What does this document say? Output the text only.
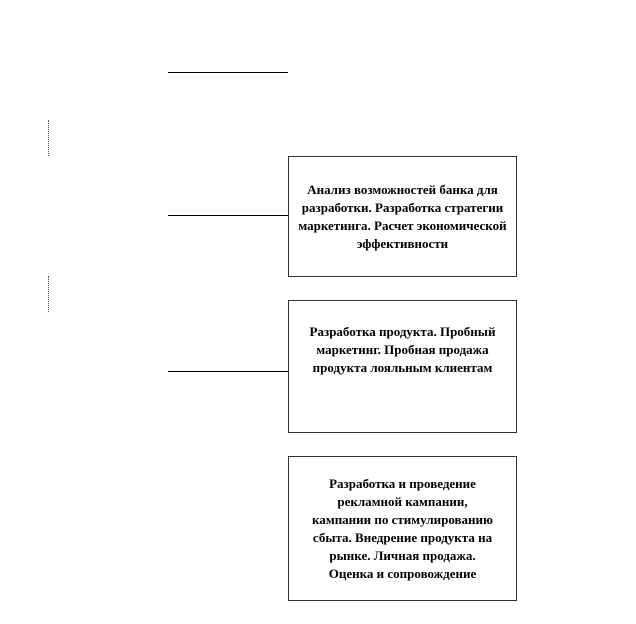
Анализ возможностей банка для разработки. Разработка стратегии маркетинга. Расчет экономической эффективности
Разработка продукта. Пробный маркетинг. Пробная продажа продукта лояльным клиентам
Разработка и проведение рекламной кампании, кампании по стимулированию сбыта. Внедрение продукта на рынке. Личная продажа. Оценка и сопровождение
